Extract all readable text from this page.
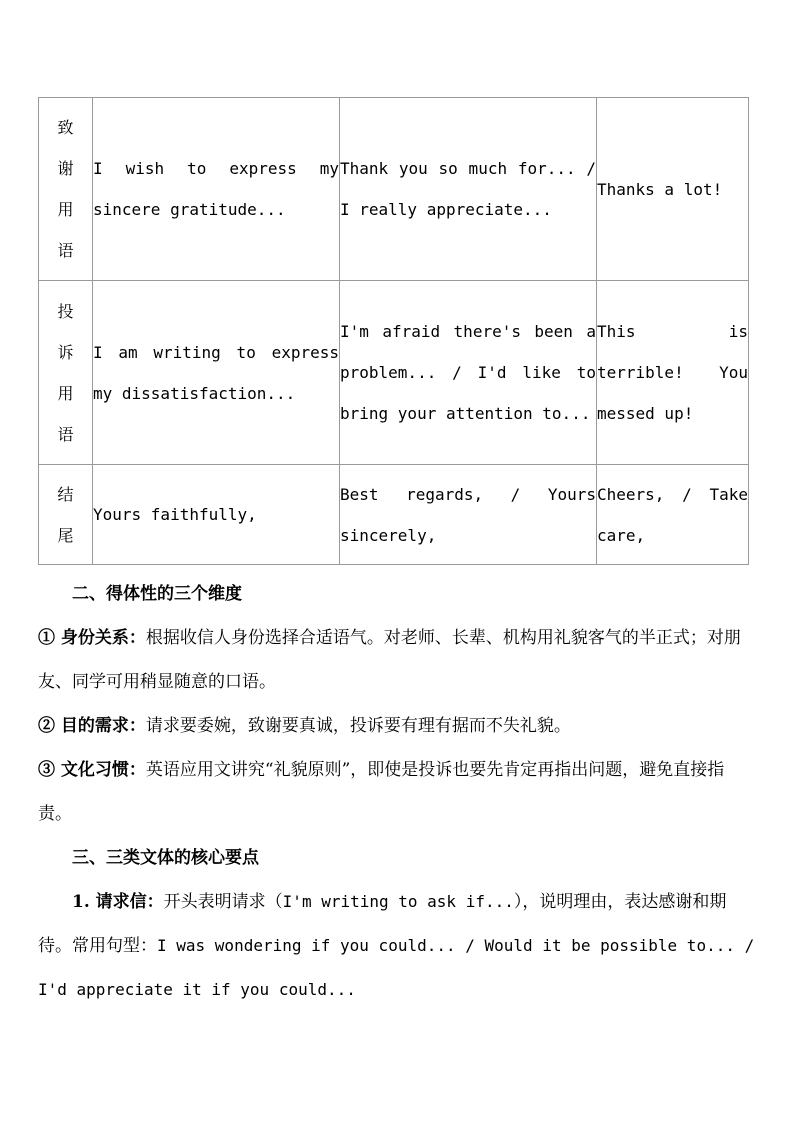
致
谢
用
语	I wish to express my sincere gratitude...	Thank you so much for... / I really appreciate...	Thanks a lot!

投
诉
用
语	I am writing to express my dissatisfaction...	I'm afraid there's been a problem... / I'd like to bring your attention to...	This is terrible! You messed up!

结
尾	Yours faithfully,	Best regards, / Yours sincerely,	Cheers, / Take care,

二、得体性的三个维度

① 身份关系：根据收信人身份选择合适语气。对老师、长辈、机构用礼貌客气的半正式；对朋友、同学可用稍显随意的口语。

② 目的需求：请求要委婉，致谢要真诚，投诉要有理有据而不失礼貌。

③ 文化习惯：英语应用文讲究“礼貌原则”，即使是投诉也要先肯定再指出问题，避免直接指责。

三、三类文体的核心要点

1. 请求信：开头表明请求（I'm writing to ask if...），说明理由，表达感谢和期待。常用句型：I was wondering if you could... / Would it be possible to... / I'd appreciate it if you could...
